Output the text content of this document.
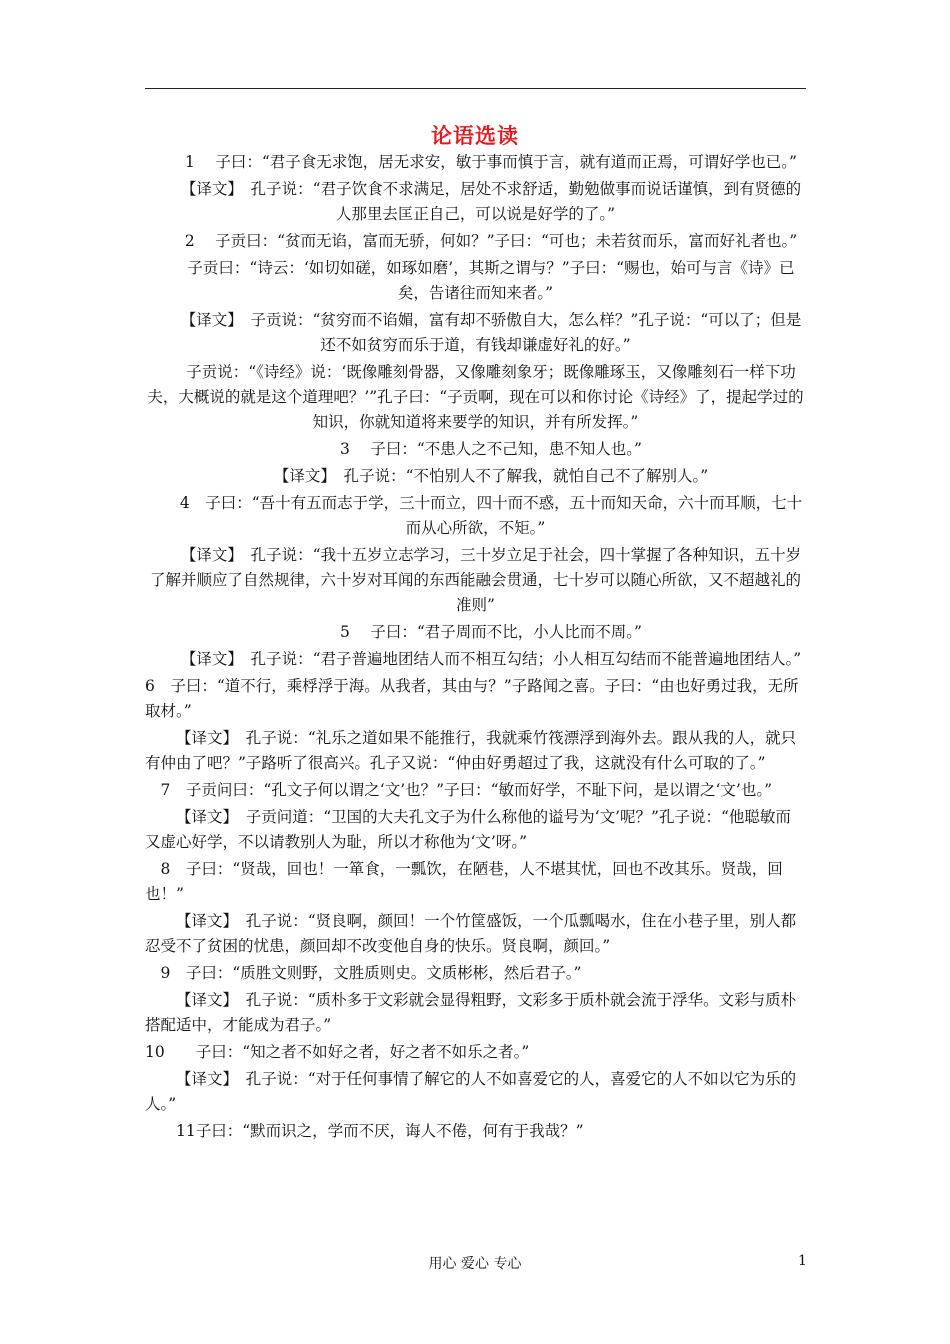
论语选读

1　 子曰：“君子食无求饱，居无求安，敏于事而慎于言，就有道而正焉，可谓好学也已。”

【译文】　孔子说：“君子饮食不求满足，居处不求舒适，勤勉做事而说话谨慎，到有贤德的人那里去匡正自己，可以说是好学的了。”

2　 子贡曰：“贫而无谄，富而无骄，何如？”子曰：“可也；未若贫而乐，富而好礼者也。”

子贡曰：“诗云：‘如切如磋，如琢如磨’，其斯之谓与？”子曰：“赐也，始可与言《诗》已矣，告诸往而知来者。”

【译文】　子贡说：“贫穷而不谄媚，富有却不骄傲自大，怎么样？”孔子说：“可以了；但是还不如贫穷而乐于道，有钱却谦虚好礼的好。”

子贡说：“《诗经》说：‘既像雕刻骨器，又像雕刻象牙；既像雕琢玉，又像雕刻石一样下功夫，大概说的就是这个道理吧？’”孔子曰：“子贡啊，现在可以和你讨论《诗经》了，提起学过的知识，你就知道将来要学的知识，并有所发挥。”

3　 子曰：“不患人之不己知，患不知人也。”

【译文】　孔子说：“不怕别人不了解我，就怕自己不了解别人。”

4　子曰：“吾十有五而志于学，三十而立，四十而不惑，五十而知天命，六十而耳顺，七十而从心所欲，不矩。”

【译文】　孔子说：“我十五岁立志学习，三十岁立足于社会，四十掌握了各种知识，五十岁了解并顺应了自然规律，六十岁对耳闻的东西能融会贯通，七十岁可以随心所欲，又不超越礼的准则”

5　 子曰：“君子周而不比，小人比而不周。”

【译文】　孔子说：“君子普遍地团结人而不相互勾结；小人相互勾结而不能普遍地团结人。”

6　子曰：“道不行，乘桴浮于海。从我者，其由与？”子路闻之喜。子曰：“由也好勇过我，无所取材。”

【译文】　孔子说：“礼乐之道如果不能推行，我就乘竹筏漂浮到海外去。跟从我的人，就只有仲由了吧？”子路听了很高兴。孔子又说：“仲由好勇超过了我，这就没有什么可取的了。”

7　子贡问曰：“孔文子何以谓之‘文’也？”子曰：“敏而好学，不耻下问，是以谓之‘文’也。”

【译文】　子贡问道：“卫国的大夫孔文子为什么称他的谥号为‘文’呢？”孔子说：“他聪敏而又虚心好学，不以请教别人为耻，所以才称他为‘文’呀。”

8　子曰：“贤哉，回也！一箪食，一瓢饮，在陋巷，人不堪其忧，回也不改其乐。贤哉，回也！”

【译文】　孔子说：“贤良啊，颜回！一个竹筐盛饭，一个瓜瓢喝水，住在小巷子里，别人都忍受不了贫困的忧患，颜回却不改变他自身的快乐。贤良啊，颜回。”

9　子曰：“质胜文则野，文胜质则史。文质彬彬，然后君子。”

【译文】　孔子说：“质朴多于文彩就会显得粗野，文彩多于质朴就会流于浮华。文彩与质朴搭配适中，才能成为君子。”

10　　子曰：“知之者不如好之者，好之者不如乐之者。”

【译文】　孔子说：“对于任何事情了解它的人不如喜爱它的人，喜爱它的人不如以它为乐的人。”

11子曰：“默而识之，学而不厌，诲人不倦，何有于我哉？”

用心 爱心 专心	1
